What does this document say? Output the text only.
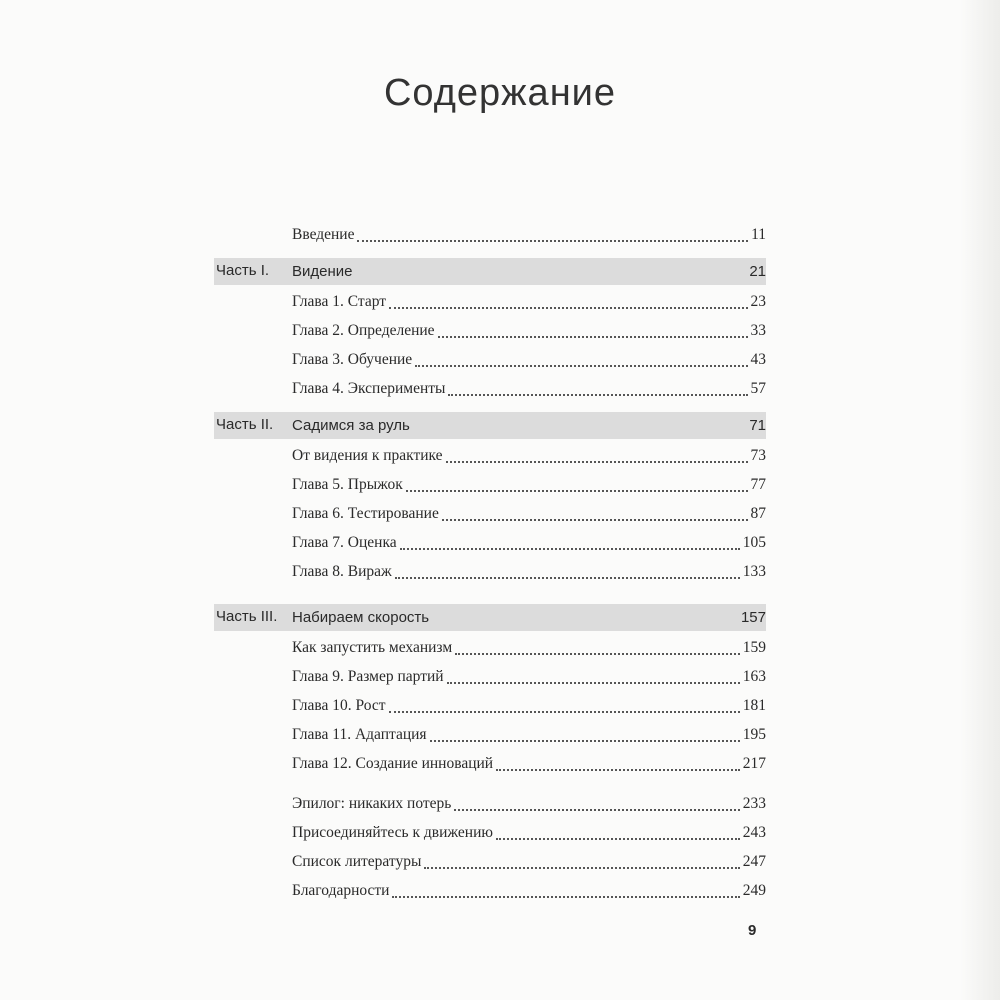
Содержание
Введение	11
Часть I. Видение	21
Глава 1. Старт	23
Глава 2. Определение	33
Глава 3. Обучение	43
Глава 4. Эксперименты	57
Часть II. Садимся за руль	71
От видения к практике	73
Глава 5. Прыжок	77
Глава 6. Тестирование	87
Глава 7. Оценка	105
Глава 8. Вираж	133
Часть III. Набираем скорость	157
Как запустить механизм	159
Глава 9. Размер партий	163
Глава 10. Рост	181
Глава 11. Адаптация	195
Глава 12. Создание инноваций	217
Эпилог: никаких потерь	233
Присоединяйтесь к движению	243
Список литературы	247
Благодарности	249
9
